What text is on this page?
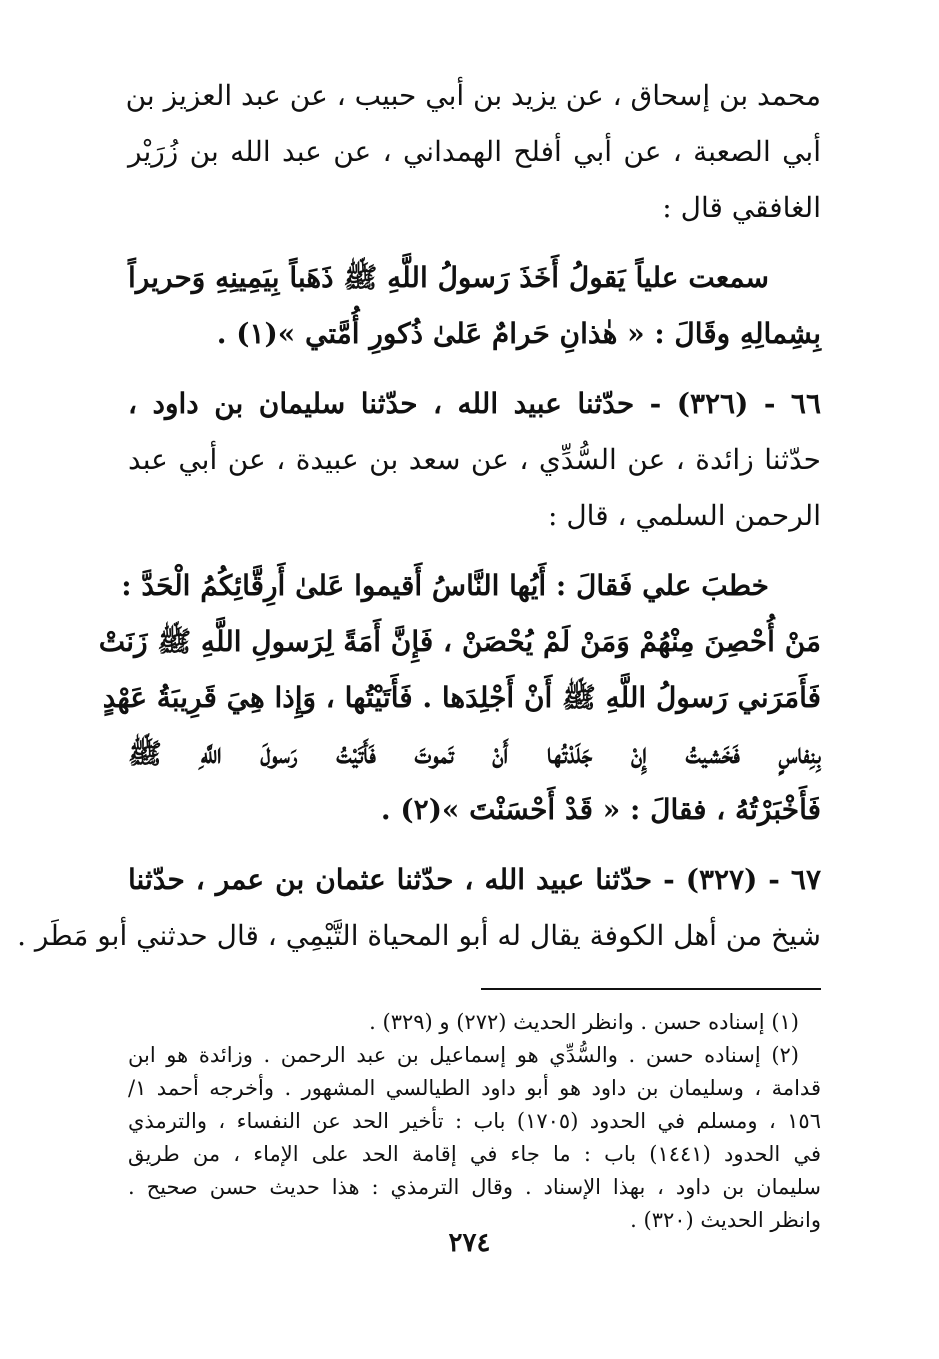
محمد بن إسحاق ، عن يزيد بن أبي حبيب ، عن عبد العزيز بن

أبي الصعبة ، عن أبي أفلح الهمداني ، عن عبد الله بن زُرَيْر

الغافقي قال :

سمعت علياً يَقولُ أَخَذَ رَسولُ اللَّهِ ﷺ ذَهَباً بِيَمِينِهِ وَحريراً

بِشِمالِهِ وقَالَ : « هٰذانِ حَرامٌ عَلىٰ ذُكورِ أُمَّتي »(١) .

٦٦ - (٣٢٦) - حدّثنا عبيد الله ، حدّثنا سليمان بن داود ،

حدّثنا زائدة ، عن السُّدِّي ، عن سعد بن عبيدة ، عن أبي عبد

الرحمن السلمي ، قال :

خطبَ علي فَقالَ : أَيُها النَّاسُ أَقيموا عَلىٰ أَرِقَّائِكُمُ الْحَدَّ :

مَنْ أُحْصِنَ مِنْهُمْ وَمَنْ لَمْ يُحْصَنْ ، فَإِنَّ أَمَةً لِرَسولِ اللَّهِ ﷺ زَنَتْ

فَأَمَرَني رَسولُ اللَّهِ ﷺ أَنْ أَجْلِدَها . فَأَتَيْتُها ، وَإِذا هِيَ قَرِيبَةُ عَهْدٍ

بِنِفاسٍ فَخَشيتُ إِنْ جَلَدْتُها أَنْ تَموتَ فَأَتَيْتُ رَسولَ اللَّهِ ﷺ

فَأَخْبَرْتُهُ ، فقالَ : « قَدْ أَحْسَنْتَ »(٢) .

٦٧ - (٣٢٧) - حدّثنا عبيد الله ، حدّثنا عثمان بن عمر ، حدّثنا

شيخ من أهل الكوفة يقال له أبو المحياة التَّيْمِي ، قال حدثني أبو مَطَر .

(١) إسناده حسن . وانظر الحديث (٢٧٢) و (٣٢٩) .

(٢) إسناده حسن . والسُّدِّي هو إسماعيل بن عبد الرحمن . وزائدة هو ابن

قدامة ، وسليمان بن داود هو أبو داود الطيالسي المشهور . وأخرجه أحمد ١/

١٥٦ ، ومسلم في الحدود (١٧٠٥) باب : تأخير الحد عن النفساء ، والترمذي

في الحدود (١٤٤١) باب : ما جاء في إقامة الحد على الإماء ، من طريق

سليمان بن داود ، بهذا الإسناد . وقال الترمذي : هذا حديث حسن صحيح .

وانظر الحديث (٣٢٠) .

٢٧٤
